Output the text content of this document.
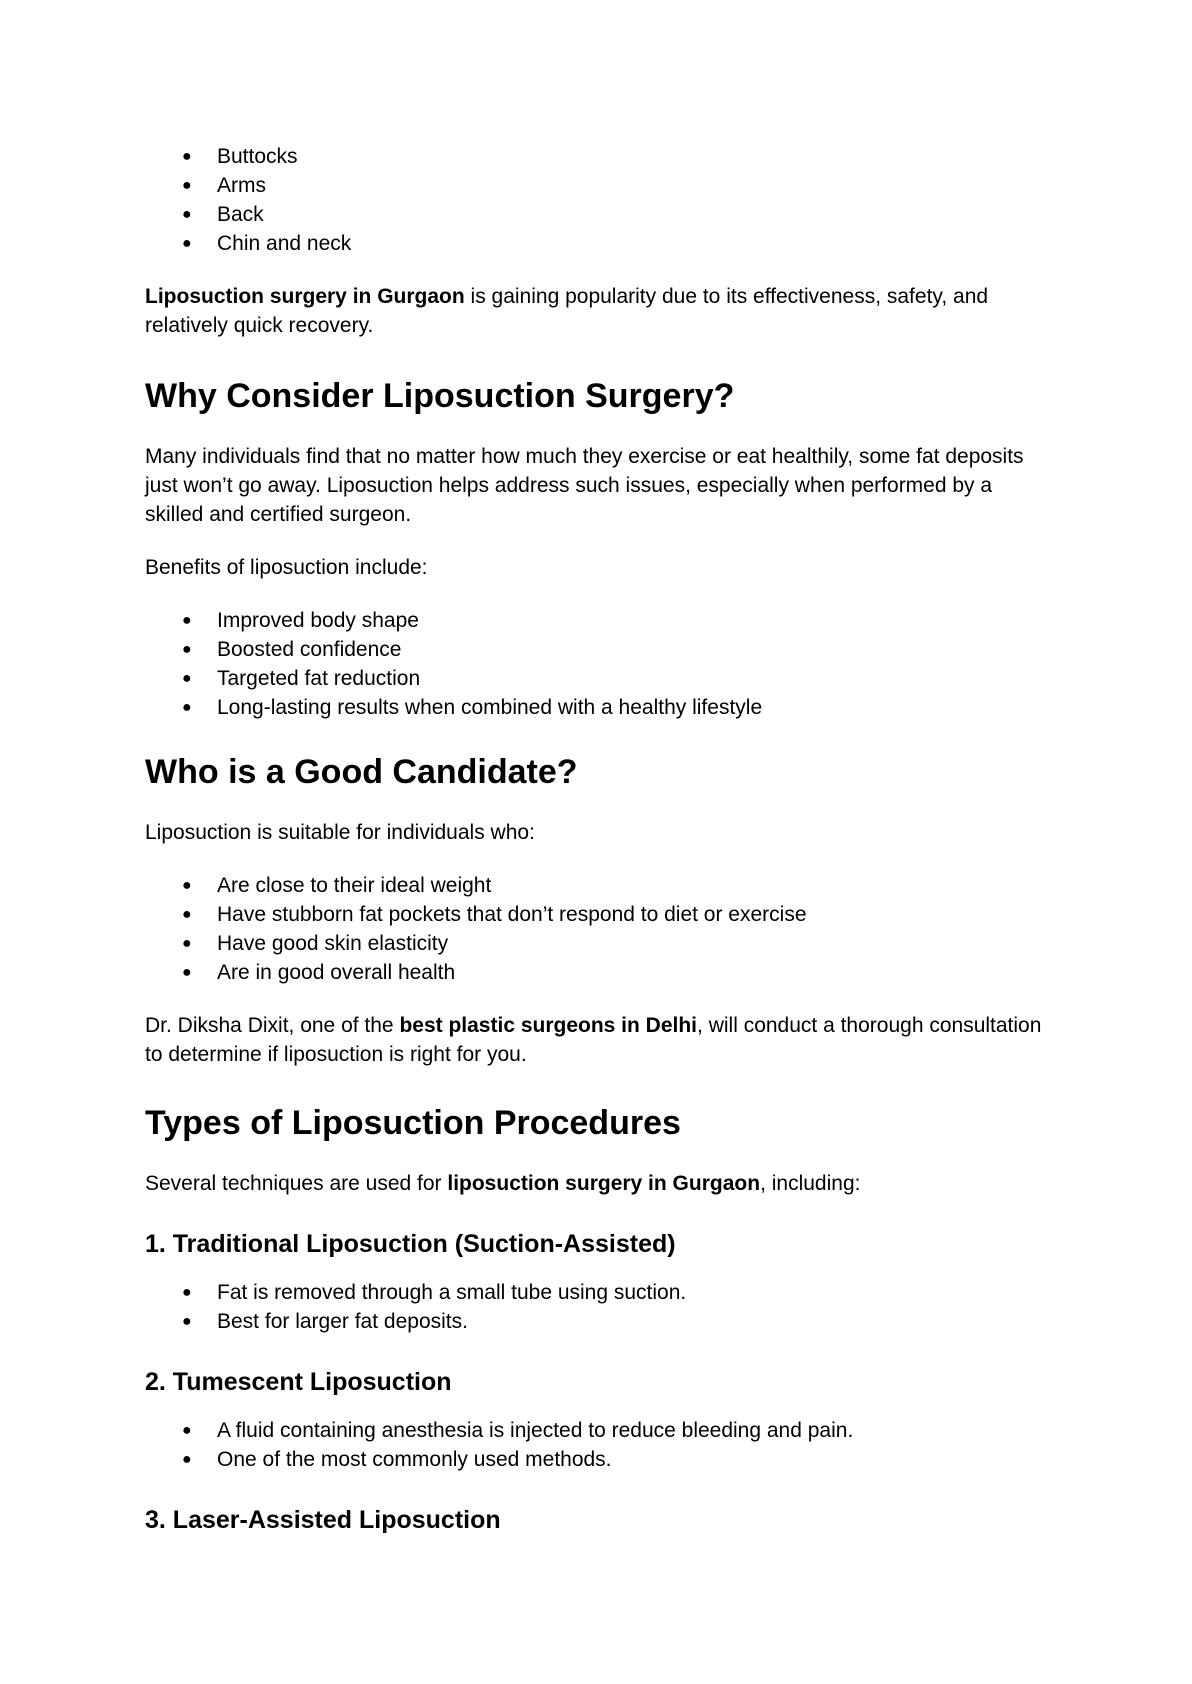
● Buttocks
● Arms
● Back
● Chin and neck

Liposuction surgery in Gurgaon is gaining popularity due to its effectiveness, safety, and relatively quick recovery.

Why Consider Liposuction Surgery?

Many individuals find that no matter how much they exercise or eat healthily, some fat deposits just won’t go away. Liposuction helps address such issues, especially when performed by a skilled and certified surgeon.

Benefits of liposuction include:

● Improved body shape
● Boosted confidence
● Targeted fat reduction
● Long-lasting results when combined with a healthy lifestyle
Who is a Good Candidate?

Liposuction is suitable for individuals who:

● Are close to their ideal weight
● Have stubborn fat pockets that don’t respond to diet or exercise
● Have good skin elasticity
● Are in good overall health

Dr. Diksha Dixit, one of the best plastic surgeons in Delhi, will conduct a thorough consultation to determine if liposuction is right for you.

Types of Liposuction Procedures

Several techniques are used for liposuction surgery in Gurgaon, including:

1. Traditional Liposuction (Suction-Assisted)
● Fat is removed through a small tube using suction.
● Best for larger fat deposits.
2. Tumescent Liposuction
● A fluid containing anesthesia is injected to reduce bleeding and pain.
● One of the most commonly used methods.
3. Laser-Assisted Liposuction
